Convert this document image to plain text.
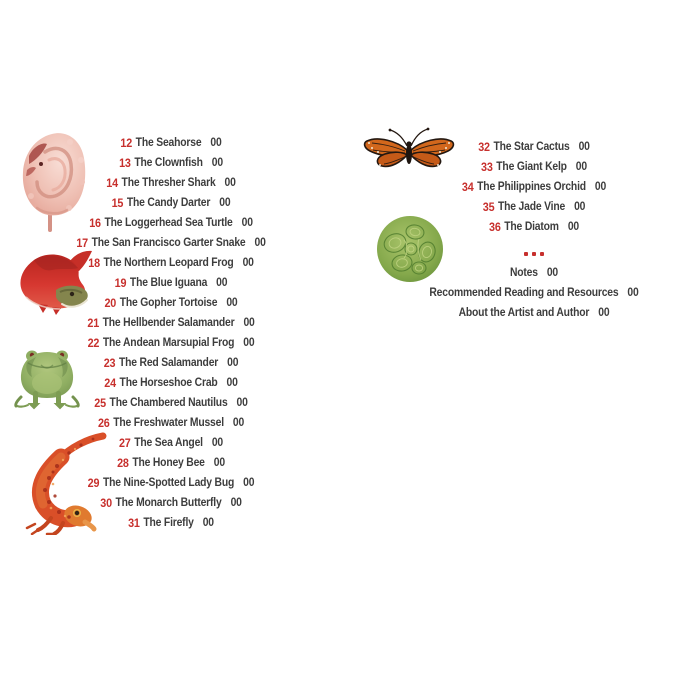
12 The Seahorse 00
13 The Clownfish 00
14 The Thresher Shark 00
15 The Candy Darter 00
16 The Loggerhead Sea Turtle 00
17 The San Francisco Garter Snake 00
18 The Northern Leopard Frog 00
19 The Blue Iguana 00
20 The Gopher Tortoise 00
21 The Hellbender Salamander 00
22 The Andean Marsupial Frog 00
23 The Red Salamander 00
24 The Horseshoe Crab 00
25 The Chambered Nautilus 00
26 The Freshwater Mussel 00
27 The Sea Angel 00
28 The Honey Bee 00
29 The Nine-Spotted Lady Bug 00
30 The Monarch Butterfly 00
31 The Firefly 00
32 The Star Cactus 00
33 The Giant Kelp 00
34 The Philippines Orchid 00
35 The Jade Vine 00
36 The Diatom 00
Notes 00
Recommended Reading and Resources 00
About the Artist and Author 00
